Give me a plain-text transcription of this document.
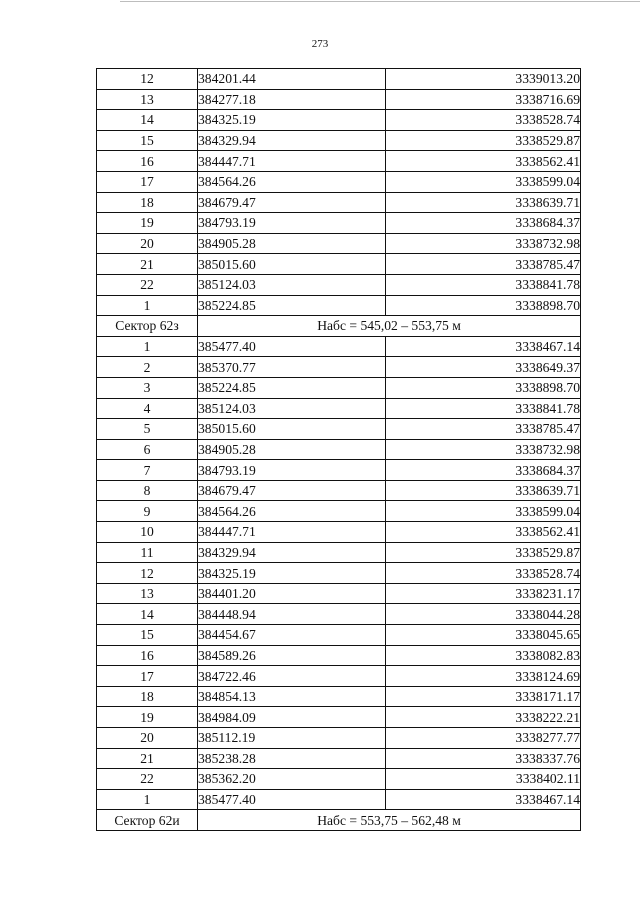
273
12	384201.44	3339013.20
13	384277.18	3338716.69
14	384325.19	3338528.74
15	384329.94	3338529.87
16	384447.71	3338562.41
17	384564.26	3338599.04
18	384679.47	3338639.71
19	384793.19	3338684.37
20	384905.28	3338732.98
21	385015.60	3338785.47
22	385124.03	3338841.78
1	385224.85	3338898.70
Сектор 62з	Набс = 545,02 – 553,75 м	
1	385477.40	3338467.14
2	385370.77	3338649.37
3	385224.85	3338898.70
4	385124.03	3338841.78
5	385015.60	3338785.47
6	384905.28	3338732.98
7	384793.19	3338684.37
8	384679.47	3338639.71
9	384564.26	3338599.04
10	384447.71	3338562.41
11	384329.94	3338529.87
12	384325.19	3338528.74
13	384401.20	3338231.17
14	384448.94	3338044.28
15	384454.67	3338045.65
16	384589.26	3338082.83
17	384722.46	3338124.69
18	384854.13	3338171.17
19	384984.09	3338222.21
20	385112.19	3338277.77
21	385238.28	3338337.76
22	385362.20	3338402.11
1	385477.40	3338467.14
Сектор 62и	Набс = 553,75 – 562,48 м	
